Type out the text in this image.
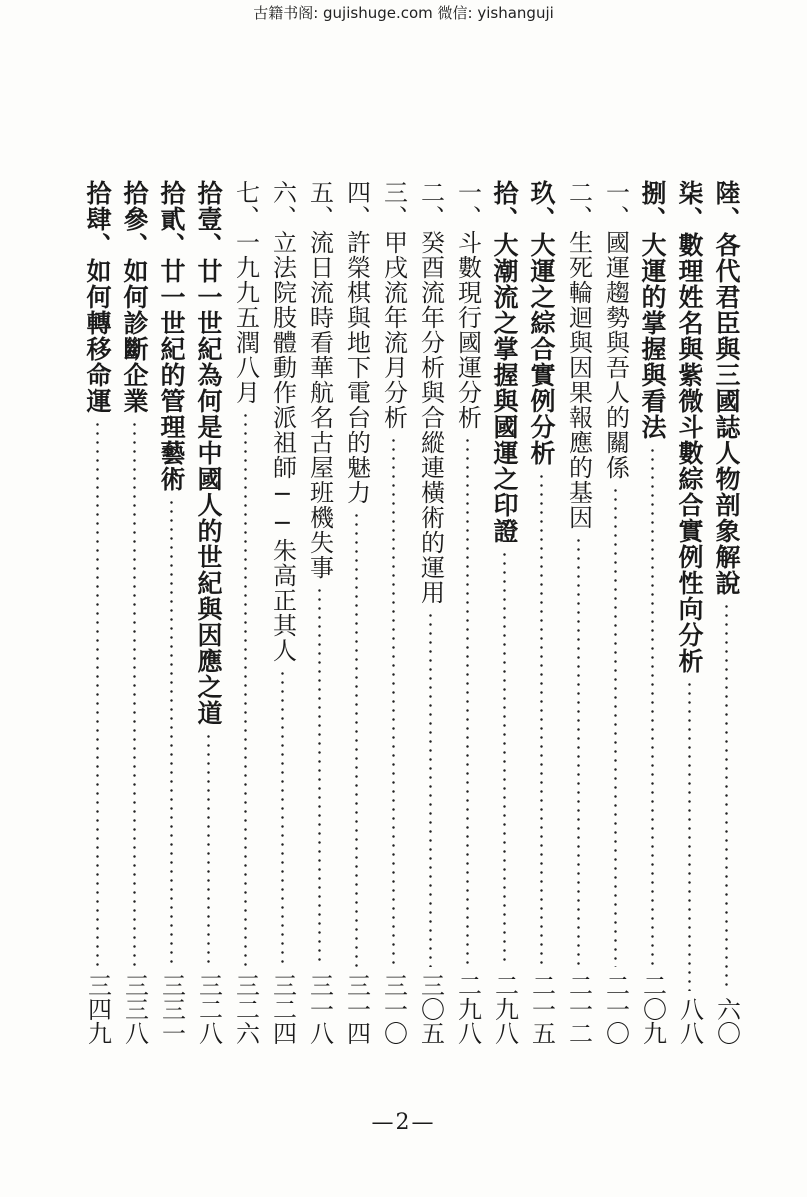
古籍书阁: gujishuge.com 微信: yishanguji
陸、各代君臣與三國誌人物剖象解說
六〇
柒、數理姓名與紫微斗數綜合實例性向分析
八八
捌、大運的掌握與看法
二〇九
一、國運趨勢與吾人的關係
二一〇
二、生死輪迴與因果報應的基因
二一二
玖、大運之綜合實例分析
二一五
拾、大潮流之掌握與國運之印證
二九八
一、斗數現行國運分析
二九八
二、癸酉流年分析與合縱連橫術的運用
三〇五
三、甲戌流年流月分析
三一〇
四、許榮棋與地下電台的魅力
三一四
五、流日流時看華航名古屋班機失事
三一八
六、立法院肢體動作派祖師──朱高正其人
三二四
七、一九九五潤八月
三二六
拾壹、廿一世紀為何是中國人的世紀與因應之道
三二八
拾貳、廿一世紀的管理藝術
三三一
拾參、如何診斷企業
三三八
拾肆、如何轉移命運
三四九
—2—
